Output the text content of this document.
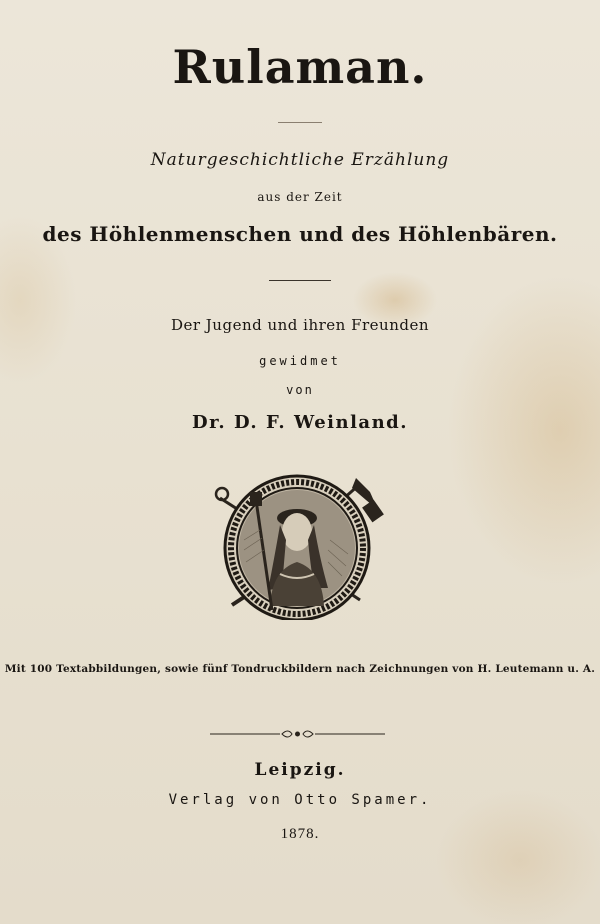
Rulaman.
Naturgeschichtliche Erzählung
aus der Zeit
des Höhlenmenschen und des Höhlenbären.
Der Jugend und ihren Freunden
gewidmet
von
Dr. D. F. Weinland.
Mit 100 Textabbildungen, sowie fünf Tondruckbildern nach Zeichnungen von H. Leutemann u. A.
Leipzig.
Verlag von Otto Spamer.
1878.
